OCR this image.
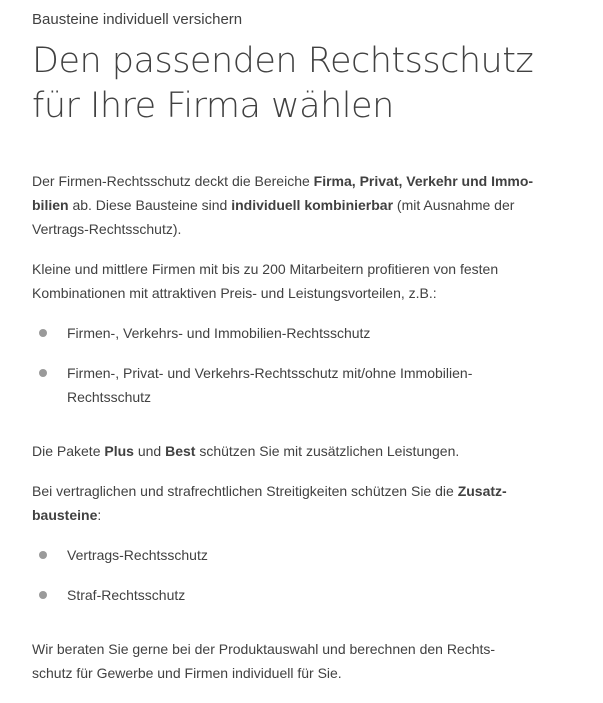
Bausteine individuell versichern

Den passenden Rechtsschutz
für Ihre Firma wählen

Der Firmen-Rechtsschutz deckt die Bereiche Firma, Privat, Verkehr und Immo-
bilien ab. Diese Bausteine sind individuell kombinierbar (mit Ausnahme der
Vertrags-Rechtsschutz).

Kleine und mittlere Firmen mit bis zu 200 Mitarbeitern profitieren von festen
Kombinationen mit attraktiven Preis- und Leistungsvorteilen, z.B.:

Firmen-, Verkehrs- und Immobilien-Rechtsschutz
Firmen-, Privat- und Verkehrs-Rechtsschutz mit/ohne Immobilien-
Rechtsschutz

Die Pakete Plus und Best schützen Sie mit zusätzlichen Leistungen.

Bei vertraglichen und strafrechtlichen Streitigkeiten schützen Sie die Zusatz-
bausteine:

Vertrags-Rechtsschutz
Straf-Rechtsschutz

Wir beraten Sie gerne bei der Produktauswahl und berechnen den Rechts-
schutz für Gewerbe und Firmen individuell für Sie.
